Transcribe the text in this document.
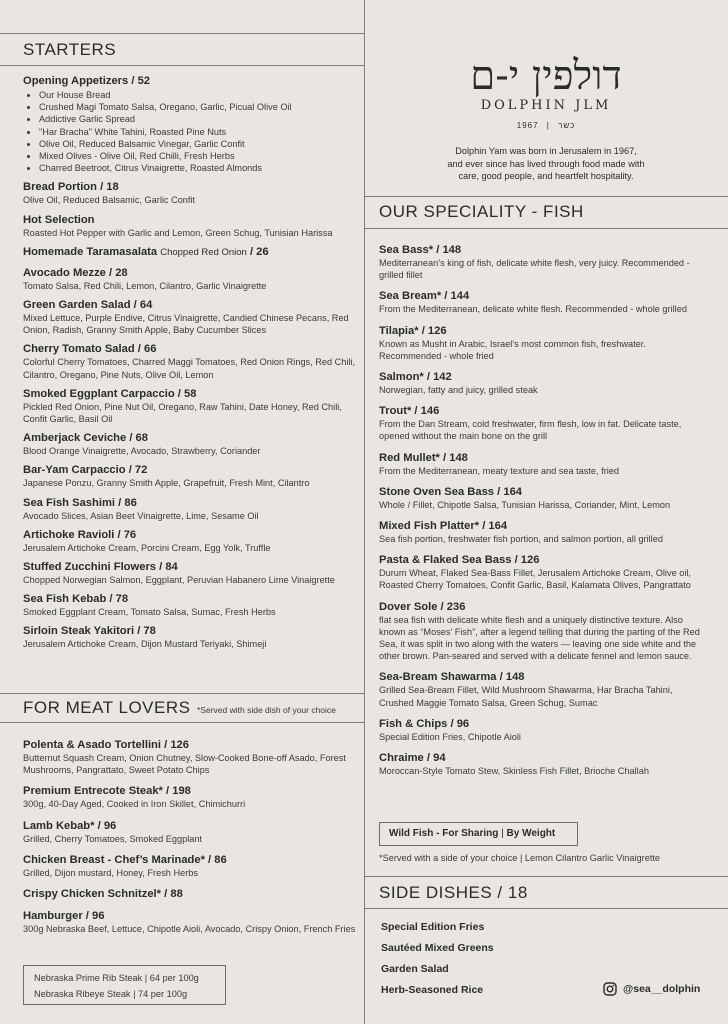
STARTERS
Opening Appetizers / 52
• Our House Bread
• Crushed Magi Tomato Salsa, Oregano, Garlic, Picual Olive Oil
• Addictive Garlic Spread
• "Har Bracha" White Tahini, Roasted Pine Nuts
• Olive Oil, Reduced Balsamic Vinegar, Garlic Confit
• Mixed Olives - Olive Oil, Red Chilli, Fresh Herbs
• Charred Beetroot, Citrus Vinaigrette, Roasted Almonds
Bread Portion / 18
Olive Oil, Reduced Balsamic, Garlic Confit
Hot Selection
Roasted Hot Pepper with Garlic and Lemon, Green Schug, Tunisian Harissa
Homemade Taramasalata Chopped Red Onion / 26
Avocado Mezze / 28
Tomato Salsa, Red Chili, Lemon, Cilantro, Garlic Vinaigrette
Green Garden Salad / 64
Mixed Lettuce, Purple Endive, Citrus Vinaigrette, Candied Chinese Pecans, Red Onion, Radish, Granny Smith Apple, Baby Cucumber Slices
Cherry Tomato Salad / 66
Colorful Cherry Tomatoes, Charred Maggi Tomatoes, Red Onion Rings, Red Chili, Cilantro, Oregano, Pine Nuts, Olive Oil, Lemon
Smoked Eggplant Carpaccio / 58
Pickled Red Onion, Pine Nut Oil, Oregano, Raw Tahini, Date Honey, Red Chili, Confit Garlic, Basil Oil
Amberjack Ceviche / 68
Blood Orange Vinaigrette, Avocado, Strawberry, Coriander
Bar-Yam Carpaccio / 72
Japanese Ponzu, Granny Smith Apple, Grapefruit, Fresh Mint, Cilantro
Sea Fish Sashimi / 86
Avocado Slices, Asian Beet Vinaigrette, Lime, Sesame Oil
Artichoke Ravioli / 76
Jerusalem Artichoke Cream, Porcini Cream, Egg Yolk, Truffle
Stuffed Zucchini Flowers / 84
Chopped Norwegian Salmon, Eggplant, Peruvian Habanero Lime Vinaigrette
Sea Fish Kebab / 78
Smoked Eggplant Cream, Tomato Salsa, Sumac, Fresh Herbs
Sirloin Steak Yakitori / 78
Jerusalem Artichoke Cream, Dijon Mustard Teriyaki, Shimeji
FOR MEAT LOVERS *Served with side dish of your choice
Polenta & Asado Tortellini / 126
Butternut Squash Cream, Onion Chutney, Slow-Cooked Bone-off Asado, Forest Mushrooms, Pangrattato, Sweet Potato Chips
Premium Entrecote Steak* / 198
300g, 40-Day Aged, Cooked in Iron Skillet, Chimichurri
Lamb Kebab* / 96
Grilled, Cherry Tomatoes, Smoked Eggplant
Chicken Breast - Chef’s Marinade* / 86
Grilled, Dijon mustard, Honey, Fresh Herbs
Crispy Chicken Schnitzel* / 88
Hamburger / 96
300g Nebraska Beef, Lettuce, Chipotle Aioli, Avocado, Crispy Onion, French Fries
Nebraska Prime Rib Steak | 64 per 100g
Nebraska Ribeye Steak | 74 per 100g
דולפין י-ם
DOLPHIN JLM
כשר | 1967
Dolphin Yam was born in Jerusalem in 1967,
and ever since has lived through food made with
care, good people, and heartfelt hospitality.
OUR SPECIALITY - FISH
Sea Bass* / 148
Mediterranean’s king of fish, delicate white flesh, very juicy. Recommended - grilled fillet
Sea Bream* / 144
From the Mediterranean, delicate white flesh. Recommended - whole grilled
Tilapia* / 126
Known as Musht in Arabic, Israel’s most common fish, freshwater. Recommended - whole fried
Salmon* / 142
Norwegian, fatty and juicy, grilled steak
Trout* / 146
From the Dan Stream, cold freshwater, firm flesh, low in fat. Delicate taste, opened without the main bone on the grill
Red Mullet* / 148
From the Mediterranean, meaty texture and sea taste, fried
Stone Oven Sea Bass / 164
Whole / Fillet, Chipotle Salsa, Tunisian Harissa, Coriander, Mint, Lemon
Mixed Fish Platter* / 164
Sea fish portion, freshwater fish portion, and salmon portion, all grilled
Pasta & Flaked Sea Bass / 126
Durum Wheat, Flaked Sea-Bass Fillet, Jerusalem Artichoke Cream, Olive oil, Roasted Cherry Tomatoes, Confit Garlic, Basil, Kalamata Olives, Pangrattato
Dover Sole / 236
flat sea fish with delicate white flesh and a uniquely distinctive texture. Also known as “Moses’ Fish”, after a legend telling that during the parting of the Red Sea, it was split in two along with the waters — leaving one side white and the other brown. Pan-seared and served with a delicate fennel and lemon sauce.
Sea-Bream Shawarma / 148
Grilled Sea-Bream Fillet, Wild Mushroom Shawarma, Har Bracha Tahini, Crushed Maggie Tomato Salsa, Green Schug, Sumac
Fish & Chips / 96
Special Edition Fries, Chipotle Aioli
Chraime / 94
Moroccan-Style Tomato Stew, Skinless Fish Fillet, Brioche Challah
Wild Fish - For Sharing | By Weight
*Served with a side of your choice | Lemon Cilantro Garlic Vinaigrette
SIDE DISHES / 18
Special Edition Fries
Sautéed Mixed Greens
Garden Salad
Herb-Seasoned Rice	@sea__dolphin
